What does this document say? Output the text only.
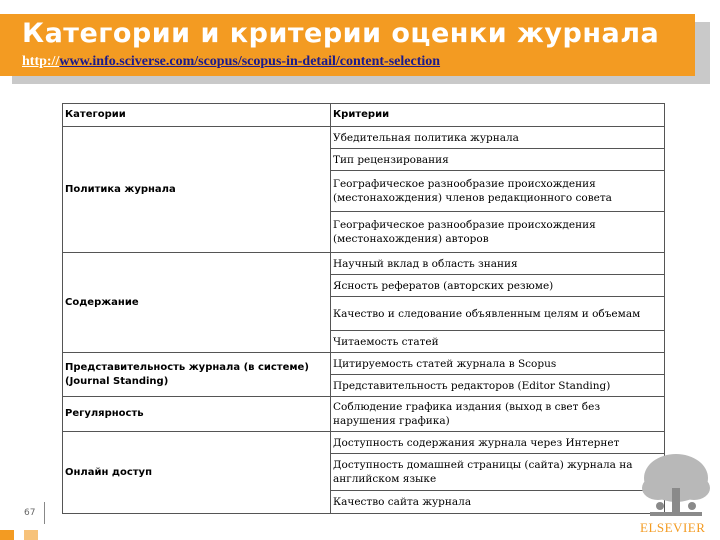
Категории и критерии оценки журнала
http://www.info.sciverse.com/scopus/scopus-in-detail/content-selection
Категории	Критерии
Политика журнала	Убедительная политика журнала
	Тип рецензирования
	Географическое разнообразие происхождения (местонахождения) членов редакционного совета
	Географическое разнообразие происхождения (местонахождения) авторов
Содержание	Научный вклад в область знания
	Ясность рефератов (авторских резюме)
	Качество и следование объявленным целям и объемам
	Читаемость статей
Представительность журнала (в системе) (Journal Standing)	Цитируемость статей журнала в Scopus
	Представительность редакторов (Editor Standing)
Регулярность	Соблюдение графика издания (выход в свет без нарушения графика)
Онлайн доступ	Доступность содержания журнала через Интернет
	Доступность домашней страницы (сайта) журнала на английском языке
	Качество сайта журнала
67
ELSEVIER
